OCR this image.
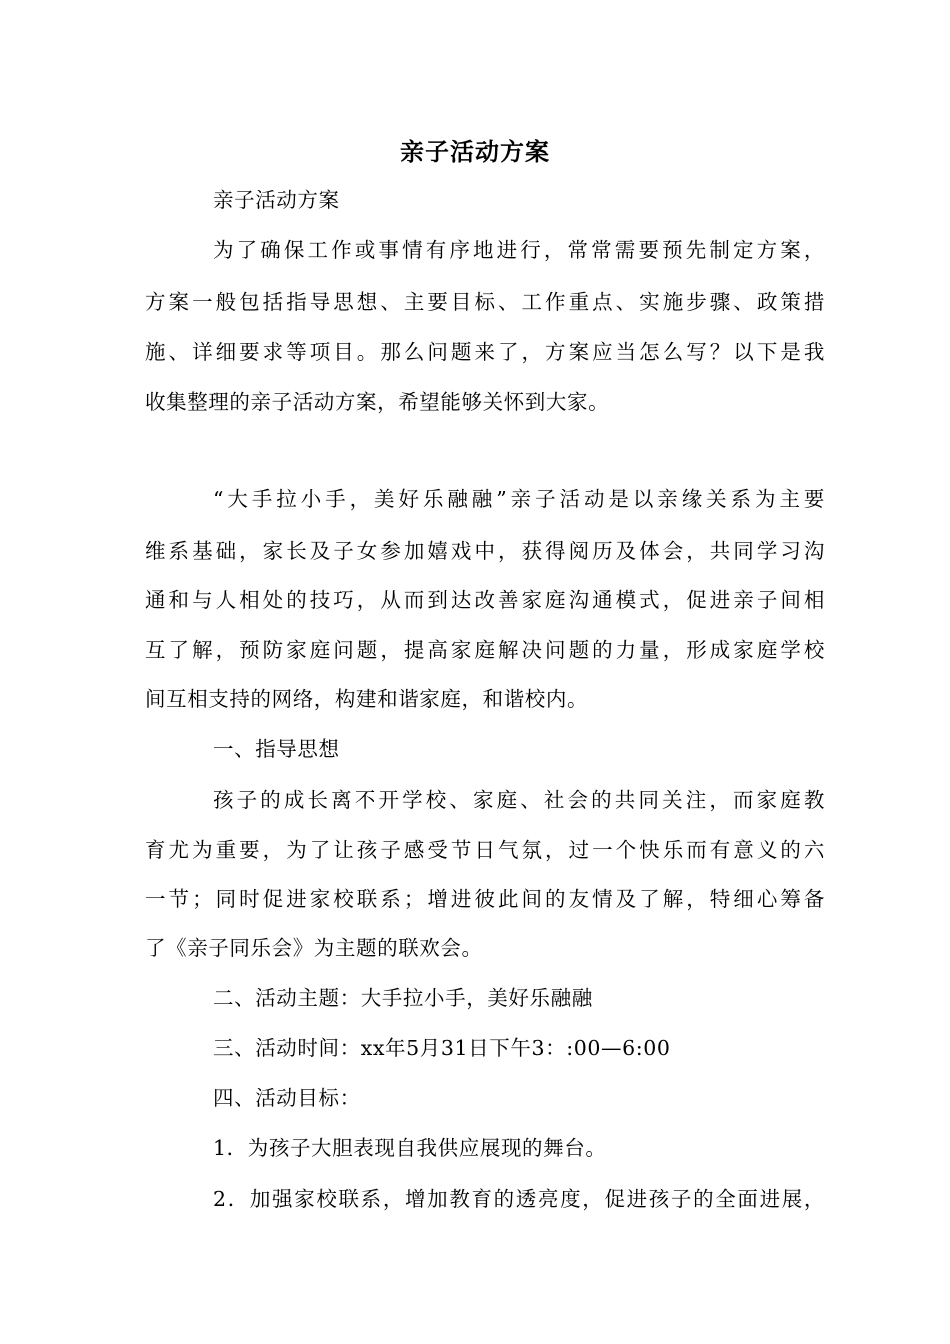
亲子活动方案
亲子活动方案
为了确保工作或事情有序地进行，常常需要预先制定方案，
方案一般包括指导思想、主要目标、工作重点、实施步骤、政策措
施、详细要求等项目。那么问题来了，方案应当怎么写？以下是我
收集整理的亲子活动方案，希望能够关怀到大家。
“大手拉小手，美好乐融融”亲子活动是以亲缘关系为主要
维系基础，家长及子女参加嬉戏中，获得阅历及体会，共同学习沟
通和与人相处的技巧，从而到达改善家庭沟通模式，促进亲子间相
互了解，预防家庭问题，提高家庭解决问题的力量，形成家庭学校
间互相支持的网络，构建和谐家庭，和谐校内。
一、指导思想
孩子的成长离不开学校、家庭、社会的共同关注，而家庭教
育尤为重要，为了让孩子感受节日气氛，过一个快乐而有意义的六
一节；同时促进家校联系；增进彼此间的友情及了解，特细心筹备
了《亲子同乐会》为主题的联欢会。
二、活动主题：大手拉小手，美好乐融融
三、活动时间：xx年5月31日下午3：:00—6:00
四、活动目标：
1．为孩子大胆表现自我供应展现的舞台。
2．加强家校联系，增加教育的透亮度，促进孩子的全面进展，
